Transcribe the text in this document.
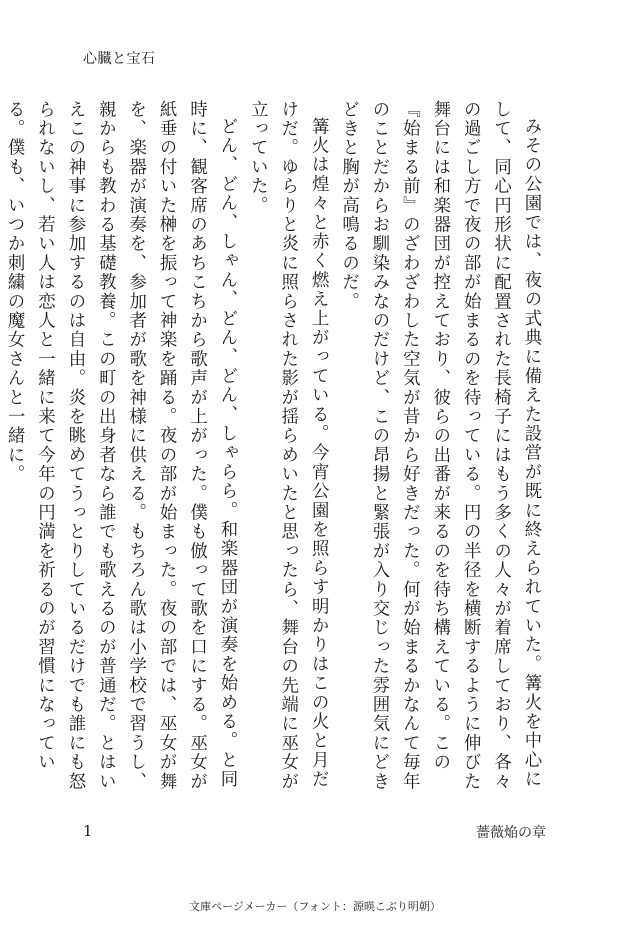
心臓と宝石

みその公園では、夜の式典に備えた設営が既に終えられていた。篝火を中心にして、同心円形状に配置された長椅子にはもう多くの人々が着席しており、各々の過ごし方で夜の部が始まるのを待っている。円の半径を横断するように伸びた舞台には和楽器団が控えており、彼らの出番が来るのを待ち構えている。この『始まる前』のざわざわした空気が昔から好きだった。何が始まるかなんて毎年のことだからお馴染みなのだけど、この昂揚と緊張が入り交じった雰囲気にどきどきと胸が高鳴るのだ。

篝火は煌々と赤く燃え上がっている。今宵公園を照らす明かりはこの火と月だけだ。ゆらりと炎に照らされた影が揺らめいたと思ったら、舞台の先端に巫女が立っていた。

どん、どん、しゃん、どん、どん、しゃらら。和楽器団が演奏を始める。と同時に、観客席のあちこちから歌声が上がった。僕も倣って歌を口にする。巫女が紙垂の付いた榊を振って神楽を踊る。夜の部が始まった。夜の部では、巫女が舞を、楽器が演奏を、参加者が歌を神様に供える。もちろん歌は小学校で習うし、親からも教わる基礎教養。この町の出身者なら誰でも歌えるのが普通だ。とはいえこの神事に参加するのは自由。炎を眺めてうっとりしているだけでも誰にも怒られないし、若い人は恋人と一緒に来て今年の円満を祈るのが習慣になっている。僕も、いつか刺繍の魔女さんと一緒に。

1	薔薇焔の章
文庫ページメーカー（フォント：源暎こぶり明朝）
